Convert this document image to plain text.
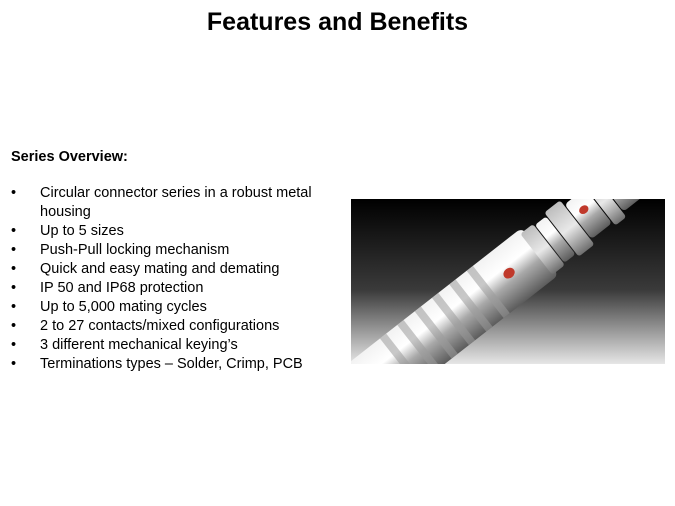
Features and Benefits
Series Overview:
• Circular connector series in a robust metal housing
• Up to 5 sizes
• Push-Pull locking mechanism
• Quick and easy mating and demating
• IP 50 and IP68 protection
• Up to 5,000 mating cycles
• 2 to 27 contacts/mixed configurations
• 3 different mechanical keying’s
• Terminations types – Solder, Crimp, PCB
